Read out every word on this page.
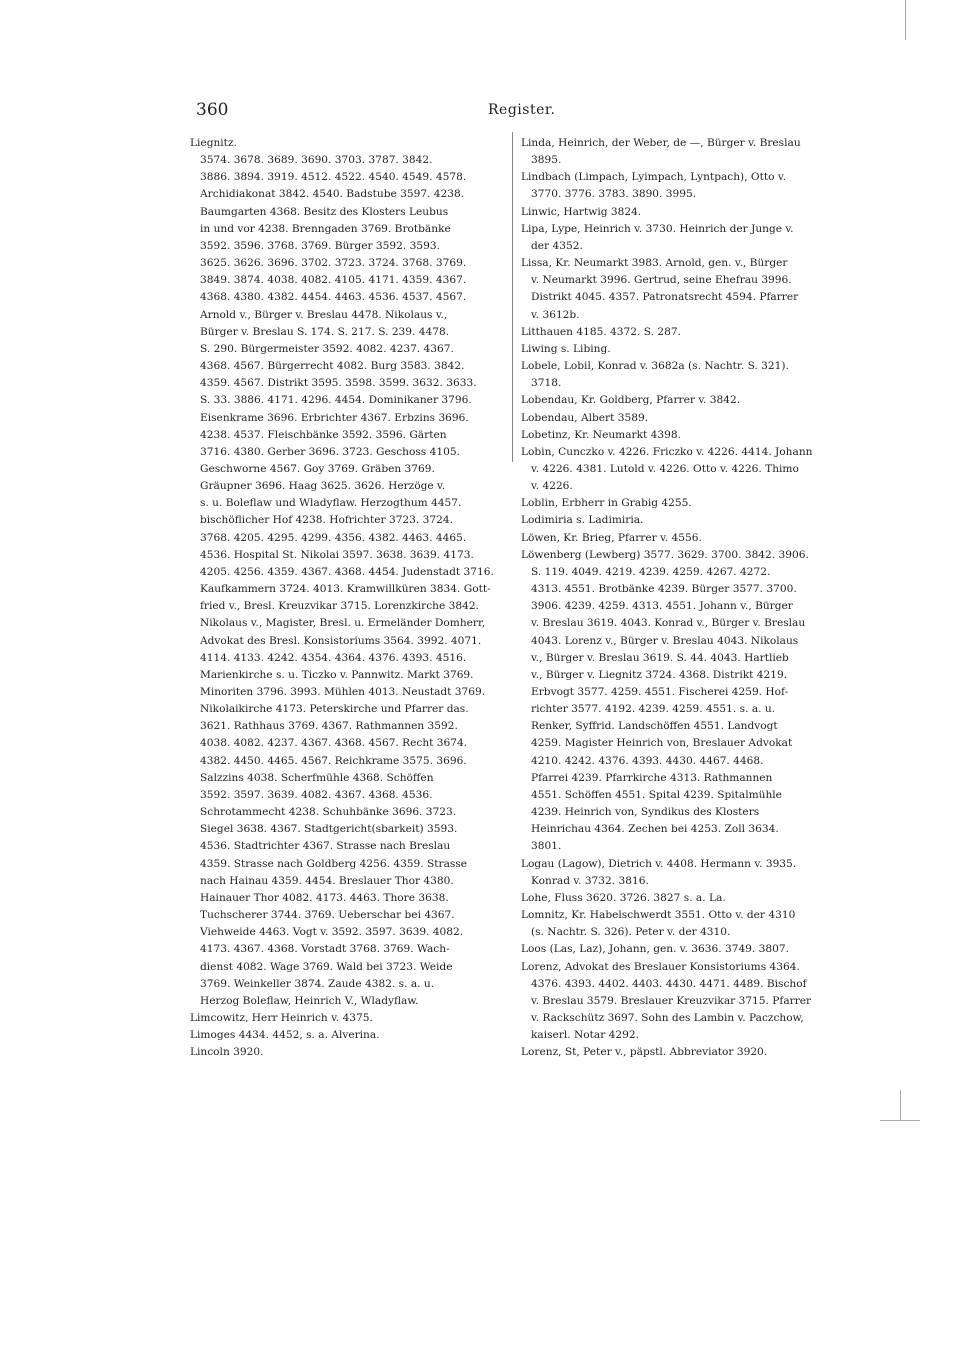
360	Register.
Liegnitz.
3574. 3678. 3689. 3690. 3703. 3787. 3842.
3886. 3894. 3919. 4512. 4522. 4540. 4549. 4578.
Archidiakonat 3842. 4540. Badstube 3597. 4238.
Baumgarten 4368. Besitz des Klosters Leubus
in und vor 4238. Brenngaden 3769. Brotbänke
3592. 3596. 3768. 3769. Bürger 3592. 3593.
3625. 3626. 3696. 3702. 3723. 3724. 3768. 3769.
3849. 3874. 4038. 4082. 4105. 4171. 4359. 4367.
4368. 4380. 4382. 4454. 4463. 4536. 4537. 4567.
Arnold v., Bürger v. Breslau 4478. Nikolaus v.,
Bürger v. Breslau S. 174. S. 217. S. 239. 4478.
S. 290. Bürgermeister 3592. 4082. 4237. 4367.
4368. 4567. Bürgerrecht 4082. Burg 3583. 3842.
4359. 4567. Distrikt 3595. 3598. 3599. 3632. 3633.
S. 33. 3886. 4171. 4296. 4454. Dominikaner 3796.
Eisenkrame 3696. Erbrichter 4367. Erbzins 3696.
4238. 4537. Fleischbänke 3592. 3596. Gärten
3716. 4380. Gerber 3696. 3723. Geschoss 4105.
Geschworne 4567. Goy 3769. Gräben 3769.
Gräupner 3696. Haag 3625. 3626. Herzöge v.
s. u. Boleflaw und Wladyflaw. Herzogthum 4457.
bischöflicher Hof 4238. Hofrichter 3723. 3724.
3768. 4205. 4295. 4299. 4356. 4382. 4463. 4465.
4536. Hospital St. Nikolai 3597. 3638. 3639. 4173.
4205. 4256. 4359. 4367. 4368. 4454. Judenstadt 3716.
Kaufkammern 3724. 4013. Kramwillküren 3834. Gott-
fried v., Bresl. Kreuzvikar 3715. Lorenzkirche 3842.
Nikolaus v., Magister, Bresl. u. Ermeländer Domherr,
Advokat des Bresl. Konsistoriums 3564. 3992. 4071.
4114. 4133. 4242. 4354. 4364. 4376. 4393. 4516.
Marienkirche s. u. Ticzko v. Pannwitz. Markt 3769.
Minoriten 3796. 3993. Mühlen 4013. Neustadt 3769.
Nikolaikirche 4173. Peterskirche und Pfarrer das.
3621. Rathhaus 3769. 4367. Rathmannen 3592.
4038. 4082. 4237. 4367. 4368. 4567. Recht 3674.
4382. 4450. 4465. 4567. Reichkrame 3575. 3696.
Salzzins 4038. Scherfmühle 4368. Schöffen
3592. 3597. 3639. 4082. 4367. 4368. 4536.
Schrotammecht 4238. Schuhbänke 3696. 3723.
Siegel 3638. 4367. Stadtgericht(sbarkeit) 3593.
4536. Stadtrichter 4367. Strasse nach Breslau
4359. Strasse nach Goldberg 4256. 4359. Strasse
nach Hainau 4359. 4454. Breslauer Thor 4380.
Hainauer Thor 4082. 4173. 4463. Thore 3638.
Tuchscherer 3744. 3769. Ueberschar bei 4367.
Viehweide 4463. Vogt v. 3592. 3597. 3639. 4082.
4173. 4367. 4368. Vorstadt 3768. 3769. Wach-
dienst 4082. Wage 3769. Wald bei 3723. Weide
3769. Weinkeller 3874. Zaude 4382. s. a. u.
Herzog Boleflaw, Heinrich V., Wladyflaw.
Limcowitz, Herr Heinrich v. 4375.
Limoges 4434. 4452, s. a. Alverina.
Lincoln 3920.
Linda, Heinrich, der Weber, de —, Bürger v. Breslau
3895.
Lindbach (Limpach, Lyimpach, Lyntpach), Otto v.
3770. 3776. 3783. 3890. 3995.
Linwic, Hartwig 3824.
Lipa, Lype, Heinrich v. 3730. Heinrich der Junge v.
der 4352.
Lissa, Kr. Neumarkt 3983. Arnold, gen. v., Bürger
v. Neumarkt 3996. Gertrud, seine Ehefrau 3996.
Distrikt 4045. 4357. Patronatsrecht 4594. Pfarrer
v. 3612b.
Litthauen 4185. 4372. S. 287.
Liwing s. Libing.
Lobele, Lobil, Konrad v. 3682a (s. Nachtr. S. 321).
3718.
Lobendau, Kr. Goldberg, Pfarrer v. 3842.
Lobendau, Albert 3589.
Lobetinz, Kr. Neumarkt 4398.
Lobin, Cunczko v. 4226. Friczko v. 4226. 4414. Johann
v. 4226. 4381. Lutold v. 4226. Otto v. 4226. Thimo
v. 4226.
Loblin, Erbherr in Grabig 4255.
Lodimiria s. Ladimiria.
Löwen, Kr. Brieg, Pfarrer v. 4556.
Löwenberg (Lewberg) 3577. 3629. 3700. 3842. 3906.
S. 119. 4049. 4219. 4239. 4259. 4267. 4272.
4313. 4551. Brotbänke 4239. Bürger 3577. 3700.
3906. 4239. 4259. 4313. 4551. Johann v., Bürger
v. Breslau 3619. 4043. Konrad v., Bürger v. Breslau
4043. Lorenz v., Bürger v. Breslau 4043. Nikolaus
v., Bürger v. Breslau 3619. S. 44. 4043. Hartlieb
v., Bürger v. Liegnitz 3724. 4368. Distrikt 4219.
Erbvogt 3577. 4259. 4551. Fischerei 4259. Hof-
richter 3577. 4192. 4239. 4259. 4551. s. a. u.
Renker, Syffrid. Landschöffen 4551. Landvogt
4259. Magister Heinrich von, Breslauer Advokat
4210. 4242. 4376. 4393. 4430. 4467. 4468.
Pfarrei 4239. Pfarrkirche 4313. Rathmannen
4551. Schöffen 4551. Spital 4239. Spitalmühle
4239. Heinrich von, Syndikus des Klosters
Heinrichau 4364. Zechen bei 4253. Zoll 3634.
3801.
Logau (Lagow), Dietrich v. 4408. Hermann v. 3935.
Konrad v. 3732. 3816.
Lohe, Fluss 3620. 3726. 3827 s. a. La.
Lomnitz, Kr. Habelschwerdt 3551. Otto v. der 4310
(s. Nachtr. S. 326). Peter v. der 4310.
Loos (Las, Laz), Johann, gen. v. 3636. 3749. 3807.
Lorenz, Advokat des Breslauer Konsistoriums 4364.
4376. 4393. 4402. 4403. 4430. 4471. 4489. Bischof
v. Breslau 3579. Breslauer Kreuzvikar 3715. Pfarrer
v. Rackschütz 3697. Sohn des Lambin v. Paczchow,
kaiserl. Notar 4292.
Lorenz, St, Peter v., päpstl. Abbreviator 3920.
